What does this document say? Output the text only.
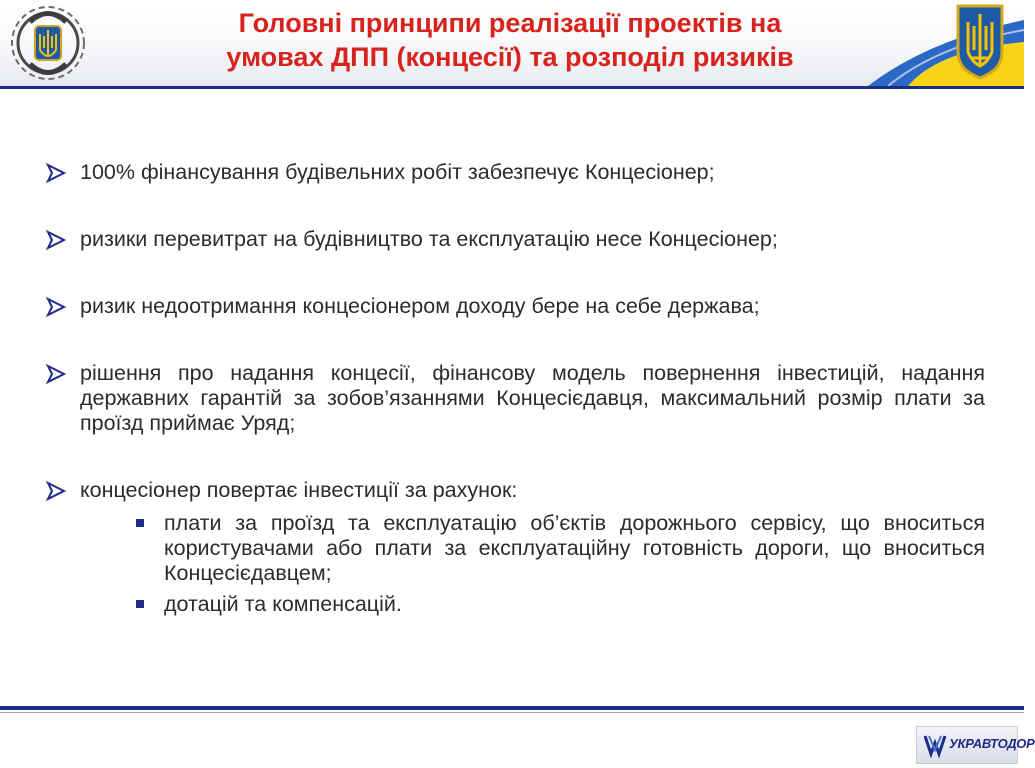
Головні принципи реалізації проектів на
умовах ДПП (концесії) та розподіл ризиків
100% фінансування будівельних робіт забезпечує Концесіонер;
ризики перевитрат на будівництво та експлуатацію несе Концесіонер;
ризик недоотримання концесіонером доходу бере на себе держава;
рішення про надання концесії, фінансову модель повернення інвестицій, надання державних гарантій за зобов’язаннями Концесієдавця, максимальний розмір плати за проїзд приймає Уряд;
концесіонер повертає інвестиції за рахунок:
плати за проїзд та експлуатацію об’єктів дорожнього сервісу, що вноситься користувачами або плати за експлуатаційну готовність дороги, що вноситься Концесієдавцем;
дотацій та компенсацій.
УКРАВТОДОР
